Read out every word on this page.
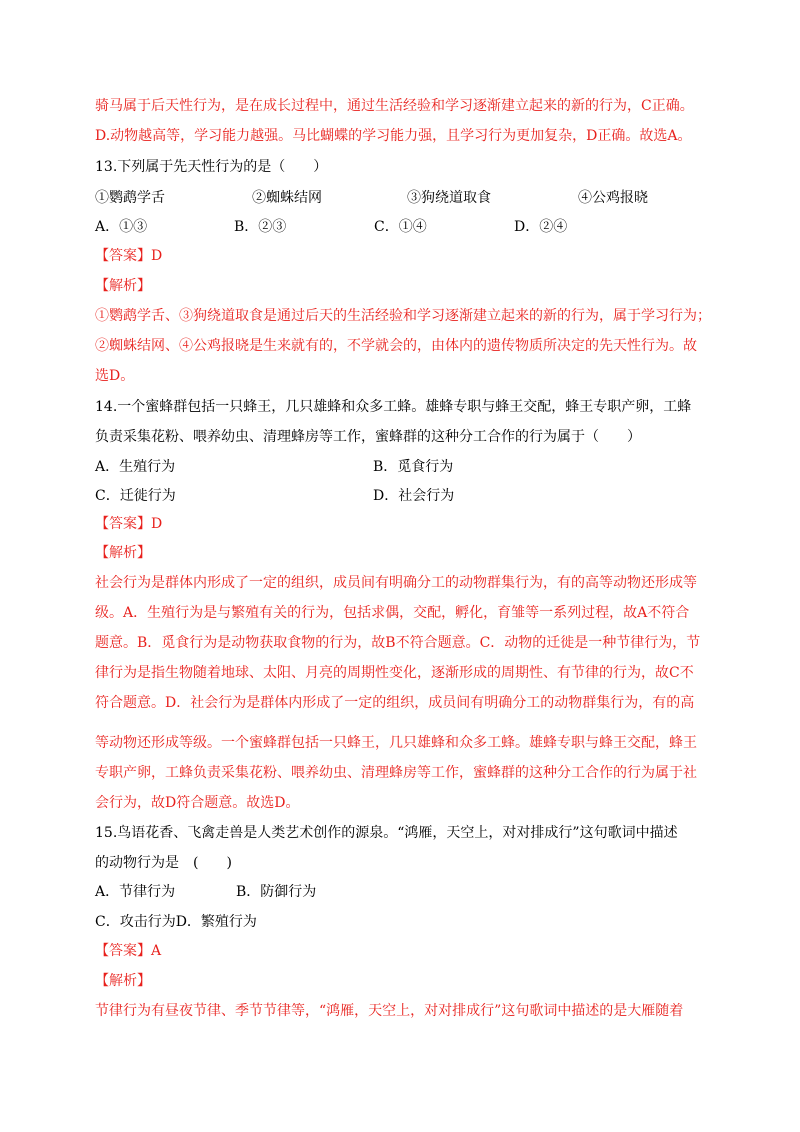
骑马属于后天性行为，是在成长过程中，通过生活经验和学习逐渐建立起来的新的行为，C正确。
D.动物越高等，学习能力越强。马比蝴蝶的学习能力强，且学习行为更加复杂，D正确。故选A。
13.下列属于先天性行为的是（　　）
①鹦鹉学舌	②蜘蛛结网	③狗绕道取食	④公鸡报晓
A．①③	B．②③	C．①④	D．②④
【答案】D
【解析】
①鹦鹉学舌、③狗绕道取食是通过后天的生活经验和学习逐渐建立起来的新的行为，属于学习行为；
②蜘蛛结网、④公鸡报晓是生来就有的，不学就会的，由体内的遗传物质所决定的先天性行为。故
选D。
14.一个蜜蜂群包括一只蜂王，几只雄蜂和众多工蜂。雄蜂专职与蜂王交配，蜂王专职产卵，工蜂
负责采集花粉、喂养幼虫、清理蜂房等工作，蜜蜂群的这种分工合作的行为属于（　　）
A．生殖行为	B．觅食行为
C．迁徙行为	D．社会行为
【答案】D
【解析】
社会行为是群体内形成了一定的组织，成员间有明确分工的动物群集行为，有的高等动物还形成等
级。A．生殖行为是与繁殖有关的行为，包括求偶，交配，孵化，育雏等一系列过程，故A不符合
题意。B．觅食行为是动物获取食物的行为，故B不符合题意。C．动物的迁徙是一种节律行为，节
律行为是指生物随着地球、太阳、月亮的周期性变化，逐渐形成的周期性、有节律的行为，故C不
符合题意。D．社会行为是群体内形成了一定的组织，成员间有明确分工的动物群集行为，有的高
等动物还形成等级。一个蜜蜂群包括一只蜂王，几只雄蜂和众多工蜂。雄蜂专职与蜂王交配，蜂王
专职产卵，工蜂负责采集花粉、喂养幼虫、清理蜂房等工作，蜜蜂群的这种分工合作的行为属于社
会行为，故D符合题意。故选D。
15.鸟语花香、飞禽走兽是人类艺术创作的源泉。“鸿雁，天空上，对对排成行”这句歌词中描述
的动物行为是　(　　)
A．节律行为	B．防御行为
C．攻击行为D．繁殖行为
【答案】A
【解析】
节律行为有昼夜节律、季节节律等，“鸿雁，天空上，对对排成行”这句歌词中描述的是大雁随着
